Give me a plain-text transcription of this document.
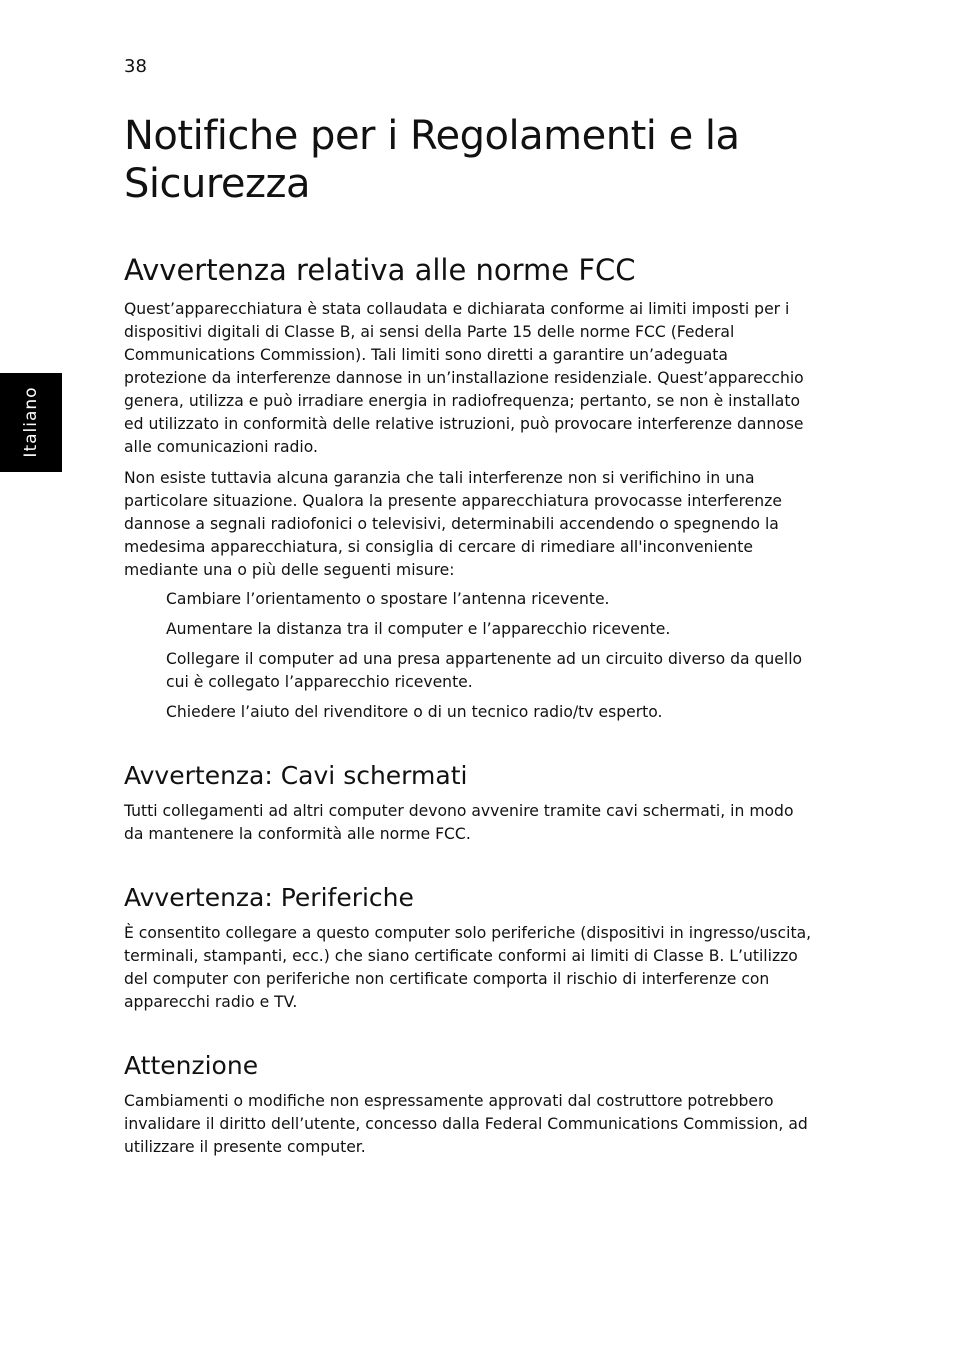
38
Italiano
Notifiche per i Regolamenti e la Sicurezza
Avvertenza relativa alle norme FCC

Quest’apparecchiatura è stata collaudata e dichiarata conforme ai limiti imposti per i dispositivi digitali di Classe B, ai sensi della Parte 15 delle norme FCC (Federal Communications Commission). Tali limiti sono diretti a garantire un’adeguata protezione da interferenze dannose in un’installazione residenziale. Quest’apparecchio genera, utilizza e può irradiare energia in radiofrequenza; pertanto, se non è installato ed utilizzato in conformità delle relative istruzioni, può provocare interferenze dannose alle comunicazioni radio.

Non esiste tuttavia alcuna garanzia che tali interferenze non si verifichino in una particolare situazione. Qualora la presente apparecchiatura provocasse interferenze dannose a segnali radiofonici o televisivi, determinabili accendendo o spegnendo la medesima apparecchiatura, si consiglia di cercare di rimediare all'inconveniente mediante una o più delle seguenti misure:

Cambiare l’orientamento o spostare l’antenna ricevente.
Aumentare la distanza tra il computer e l’apparecchio ricevente.
Collegare il computer ad una presa appartenente ad un circuito diverso da quello cui è collegato l’apparecchio ricevente.
Chiedere l’aiuto del rivenditore o di un tecnico radio/tv esperto.
Avvertenza: Cavi schermati

Tutti collegamenti ad altri computer devono avvenire tramite cavi schermati, in modo da mantenere la conformità alle norme FCC.

Avvertenza: Periferiche

È consentito collegare a questo computer solo periferiche (dispositivi in ingresso/uscita, terminali, stampanti, ecc.) che siano certificate conformi ai limiti di Classe B. L’utilizzo del computer con periferiche non certificate comporta il rischio di interferenze con apparecchi radio e TV.

Attenzione

Cambiamenti o modifiche non espressamente approvati dal costruttore potrebbero invalidare il diritto dell’utente, concesso dalla Federal Communications Commission, ad utilizzare il presente computer.
